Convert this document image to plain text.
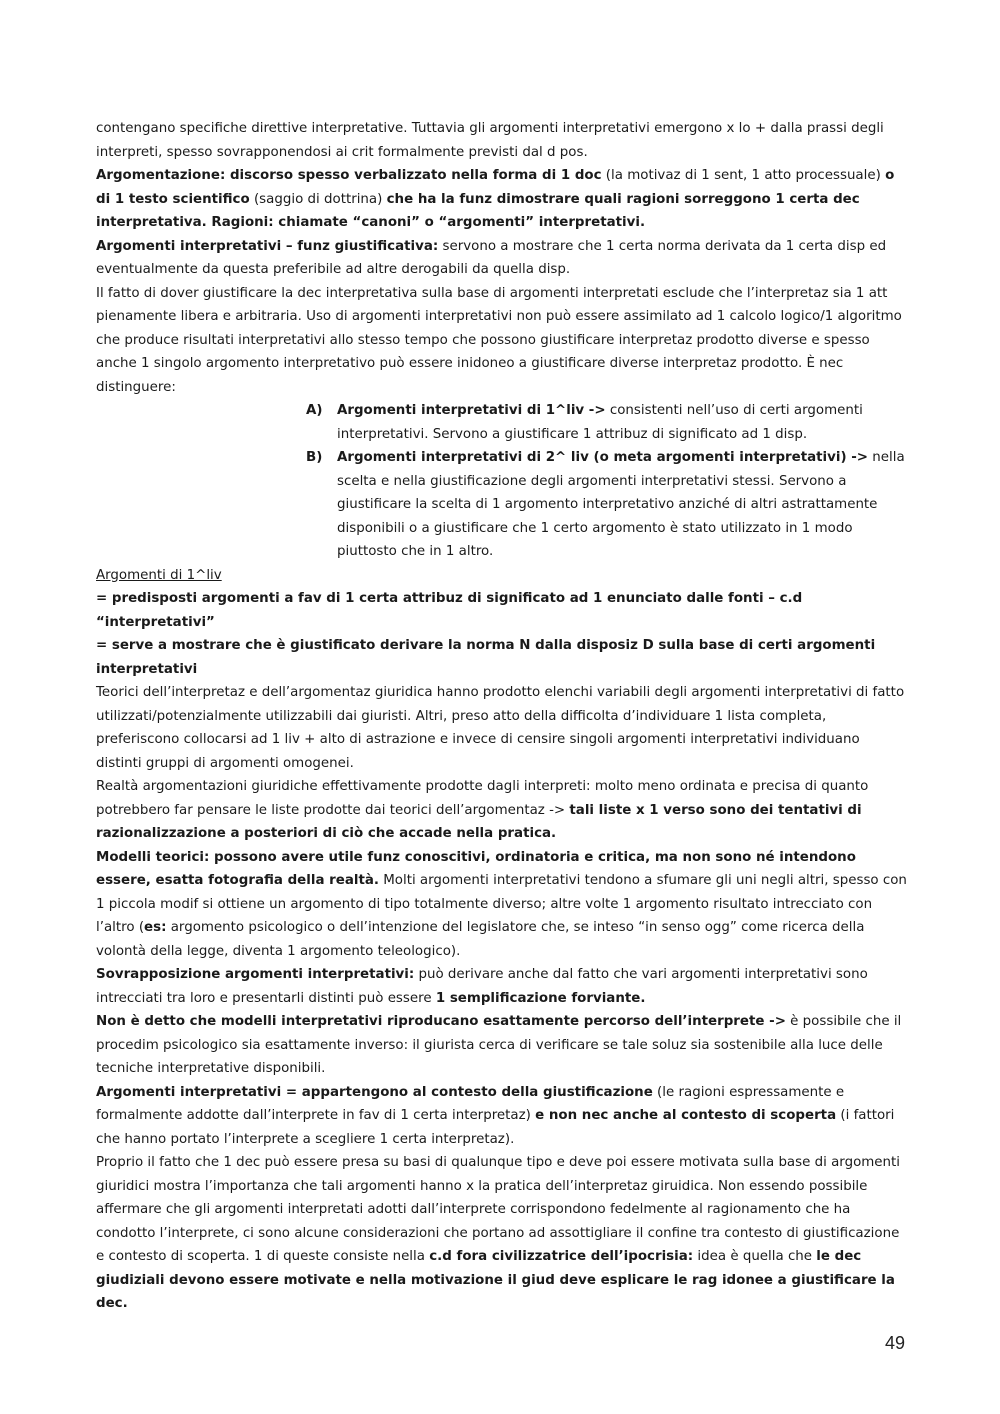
contengano specifiche direttive interpretative. Tuttavia gli argomenti interpretativi emergono x lo + dalla prassi degli interpreti, spesso sovrapponendosi ai crit formalmente previsti dal d pos.

Argomentazione: discorso spesso verbalizzato nella forma di 1 doc (la motivaz di 1 sent, 1 atto processuale) o di 1 testo scientifico (saggio di dottrina) che ha la funz dimostrare quali ragioni sorreggono 1 certa dec interpretativa. Ragioni: chiamate “canoni” o “argomenti” interpretativi.

Argomenti interpretativi – funz giustificativa: servono a mostrare che 1 certa norma derivata da 1 certa disp ed eventualmente da questa preferibile ad altre derogabili da quella disp.

Il fatto di dover giustificare la dec interpretativa sulla base di argomenti interpretati esclude che l’interpretaz sia 1 att pienamente libera e arbitraria. Uso di argomenti interpretativi non può essere assimilato ad 1 calcolo logico/1 algoritmo che produce risultati interpretativi allo stesso tempo che possono giustificare interpretaz prodotto diverse e spesso anche 1 singolo argomento interpretativo può essere inidoneo a giustificare diverse interpretaz prodotto. È nec distinguere:

A)	Argomenti interpretativi di 1^liv -> consistenti nell’uso di certi argomenti interpretativi. Servono a giustificare 1 attribuz di significato ad 1 disp.
B)	Argomenti interpretativi di 2^ liv (o meta argomenti interpretativi) -> nella scelta e nella giustificazione degli argomenti interpretativi stessi. Servono a giustificare la scelta di 1 argomento interpretativo anziché di altri astrattamente disponibili o a giustificare che 1 certo argomento è stato utilizzato in 1 modo piuttosto che in 1 altro.

Argomenti di 1^liv

= predisposti argomenti a fav di 1 certa attribuz di significato ad 1 enunciato dalle fonti – c.d “interpretativi”

= serve a mostrare che è giustificato derivare la norma N dalla disposiz D sulla base di certi argomenti interpretativi

Teorici dell’interpretaz e dell’argomentaz giuridica hanno prodotto elenchi variabili degli argomenti interpretativi di fatto utilizzati/potenzialmente utilizzabili dai giuristi. Altri, preso atto della difficolta d’individuare 1 lista completa, preferiscono collocarsi ad 1 liv + alto di astrazione e invece di censire singoli argomenti interpretativi individuano distinti gruppi di argomenti omogenei.

Realtà argomentazioni giuridiche effettivamente prodotte dagli interpreti: molto meno ordinata e precisa di quanto potrebbero far pensare le liste prodotte dai teorici dell’argomentaz -> tali liste x 1 verso sono dei tentativi di razionalizzazione a posteriori di ciò che accade nella pratica.

Modelli teorici: possono avere utile funz conoscitivi, ordinatoria e critica, ma non sono né intendono essere, esatta fotografia della realtà. Molti argomenti interpretativi tendono a sfumare gli uni negli altri, spesso con 1 piccola modif si ottiene un argomento di tipo totalmente diverso; altre volte 1 argomento risultato intrecciato con l’altro (es: argomento psicologico o dell’intenzione del legislatore che, se inteso “in senso ogg” come ricerca della volontà della legge, diventa 1 argomento teleologico).

Sovrapposizione argomenti interpretativi: può derivare anche dal fatto che vari argomenti interpretativi sono intrecciati tra loro e presentarli distinti può essere 1 semplificazione forviante.

Non è detto che modelli interpretativi riproducano esattamente percorso dell’interprete -> è possibile che il procedim psicologico sia esattamente inverso: il giurista cerca di verificare se tale soluz sia sostenibile alla luce delle tecniche interpretative disponibili.

Argomenti interpretativi = appartengono al contesto della giustificazione (le ragioni espressamente e formalmente addotte dall’interprete in fav di 1 certa interpretaz) e non nec anche al contesto di scoperta (i fattori che hanno portato l’interprete a scegliere 1 certa interpretaz).

Proprio il fatto che 1 dec può essere presa su basi di qualunque tipo e deve poi essere motivata sulla base di argomenti giuridici mostra l’importanza che tali argomenti hanno x la pratica dell’interpretaz giruidica. Non essendo possibile affermare che gli argomenti interpretati adotti dall’interprete corrispondono fedelmente al ragionamento che ha condotto l’interprete, ci sono alcune considerazioni che portano ad assottigliare il confine tra contesto di giustificazione e contesto di scoperta. 1 di queste consiste nella c.d fora civilizzatrice dell’ipocrisia: idea è quella che le dec giudiziali devono essere motivate e nella motivazione il giud deve esplicare le rag idonee a giustificare la dec.

49
